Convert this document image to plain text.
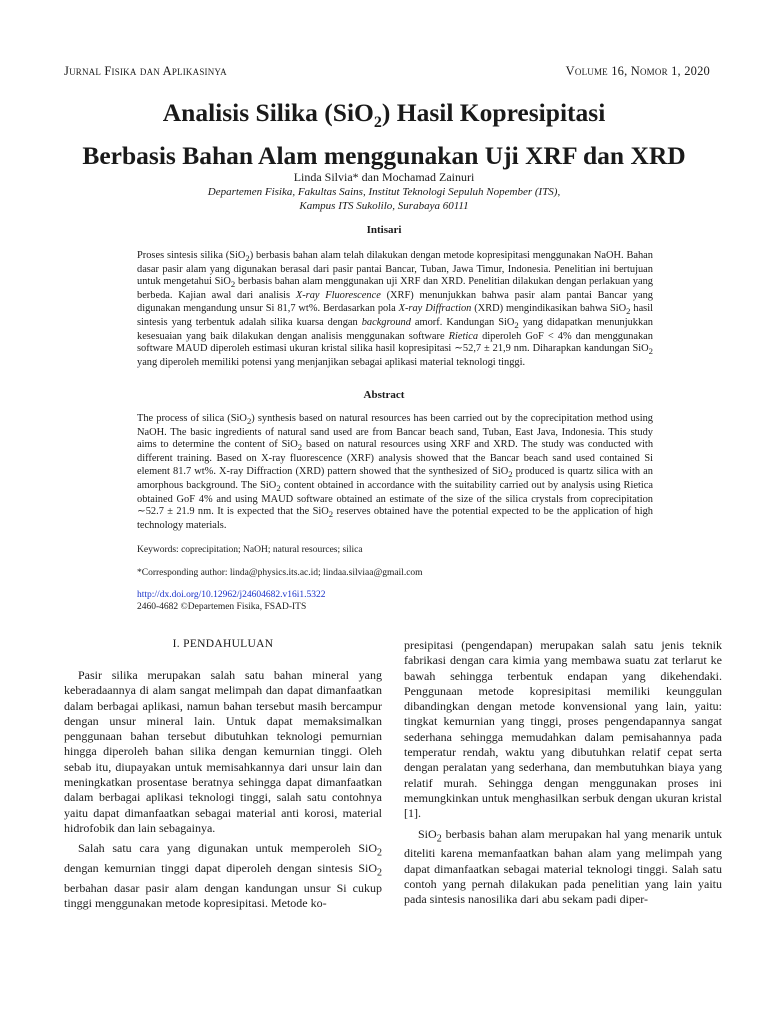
Jurnal Fisika dan Aplikasinya	Volume 16, Nomor 1, 2020
Analisis Silika (SiO$_2$) Hasil Kopresipitasi
Berbasis Bahan Alam menggunakan Uji XRF dan XRD
Linda Silvia* dan Mochamad Zainuri
Departemen Fisika, Fakultas Sains, Institut Teknologi Sepuluh Nopember (ITS),
Kampus ITS Sukolilo, Surabaya 60111
Intisari

Proses sintesis silika (SiO$_2$) berbasis bahan alam telah dilakukan dengan metode kopresipitasi menggunakan NaOH. Bahan dasar pasir alam yang digunakan berasal dari pasir pantai Bancar, Tuban, Jawa Timur, Indonesia. Penelitian ini bertujuan untuk mengetahui SiO$_2$ berbasis bahan alam menggunakan uji XRF dan XRD. Penelitian dilakukan dengan perlakuan yang berbeda. Kajian awal dari analisis X-ray Fluorescence (XRF) menunjukkan bahwa pasir alam pantai Bancar yang digunakan mengandung unsur Si 81,7 wt%. Berdasarkan pola X-ray Diffraction (XRD) mengindikasikan bahwa SiO$_2$ hasil sintesis yang terbentuk adalah silika kuarsa dengan background amorf. Kandungan SiO$_2$ yang didapatkan menunjukkan kesesuaian yang baik dilakukan dengan analisis menggunakan software Rietica diperoleh GoF < 4% dan menggunakan software MAUD diperoleh estimasi ukuran kristal silika hasil kopresipitasi ∼52,7 ± 21,9 nm. Diharapkan kandungan SiO$_2$ yang diperoleh memiliki potensi yang menjanjikan sebagai aplikasi material teknologi tinggi.

Abstract

The process of silica (SiO$_2$) synthesis based on natural resources has been carried out by the coprecipitation method using NaOH. The basic ingredients of natural sand used are from Bancar beach sand, Tuban, East Java, Indonesia. This study aims to determine the content of SiO$_2$ based on natural resources using XRF and XRD. The study was conducted with different training. Based on X-ray fluorescence (XRF) analysis showed that the Bancar beach sand used contained Si element 81.7 wt%. X-ray Diffraction (XRD) pattern showed that the synthesized of SiO$_2$ produced is quartz silica with an amorphous background. The SiO$_2$ content obtained in accordance with the suitability carried out by analysis using Rietica obtained GoF 4% and using MAUD software obtained an estimate of the size of the silica crystals from coprecipitation ∼52.7 ± 21.9 nm. It is expected that the SiO$_2$ reserves obtained have the potential expected to be the application of high technology materials.

Keywords: coprecipitation; NaOH; natural resources; silica
*Corresponding author: linda@physics.its.ac.id; lindaa.silviaa@gmail.com
http://dx.doi.org/10.12962/j24604682.v16i1.5322
2460-4682 ©Departemen Fisika, FSAD-ITS
I. PENDAHULUAN

Pasir silika merupakan salah satu bahan mineral yang keberadaannya di alam sangat melimpah dan dapat dimanfaatkan dalam berbagai aplikasi, namun bahan tersebut masih bercampur dengan unsur mineral lain. Untuk dapat memaksimalkan penggunaan bahan tersebut dibutuhkan teknologi pemurnian hingga diperoleh bahan silika dengan kemurnian tinggi. Oleh sebab itu, diupayakan untuk memisahkannya dari unsur lain dan meningkatkan prosentase beratnya sehingga dapat dimanfaatkan dalam berbagai aplikasi teknologi tinggi, salah satu contohnya yaitu dapat dimanfaatkan sebagai material anti korosi, material hidrofobik dan lain sebagainya.

Salah satu cara yang digunakan untuk memperoleh SiO$_2$ dengan kemurnian tinggi dapat diperoleh dengan sintesis SiO$_2$ berbahan dasar pasir alam dengan kandungan unsur Si cukup tinggi menggunakan metode kopresipitasi. Metode ko-

presipitasi (pengendapan) merupakan salah satu jenis teknik fabrikasi dengan cara kimia yang membawa suatu zat terlarut ke bawah sehingga terbentuk endapan yang dikehendaki. Penggunaan metode kopresipitasi memiliki keunggulan dibandingkan dengan metode konvensional yang lain, yaitu: tingkat kemurnian yang tinggi, proses pengendapannya sangat sederhana sehingga memudahkan dalam pemisahannya pada temperatur rendah, waktu yang dibutuhkan relatif cepat serta dengan peralatan yang sederhana, dan membutuhkan biaya yang relatif murah. Sehingga dengan menggunakan proses ini memungkinkan untuk menghasilkan serbuk dengan ukuran kristal [1].

SiO$_2$ berbasis bahan alam merupakan hal yang menarik untuk diteliti karena memanfaatkan bahan alam yang melimpah yang dapat dimanfaatkan sebagai material teknologi tinggi. Salah satu contoh yang pernah dilakukan pada penelitian yang lain yaitu pada sintesis nanosilika dari abu sekam padi diper-
